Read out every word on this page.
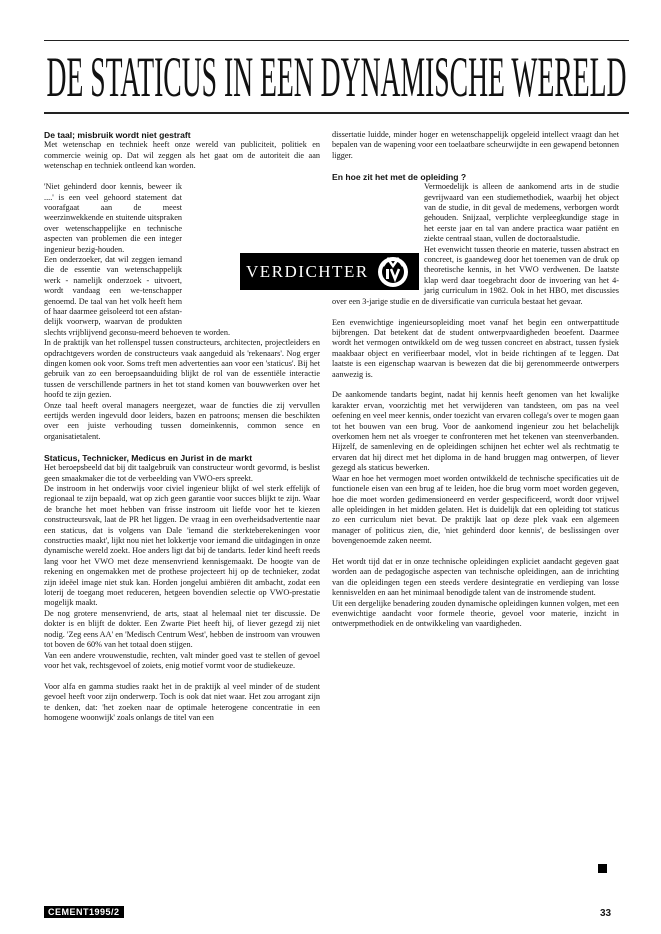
DE STATICUS IN EEN DYNAMISCHE WERELD
De taal; misbruik wordt niet gestraft

Met wetenschap en techniek heeft onze wereld van publiciteit, politiek en commercie weinig op. Dat wil zeggen als het gaat om de autoriteit die aan wetenschap en techniek ontleend kan worden.

'Niet gehinderd door kennis, beweer ik ....' is een veel gehoord statement dat voorafgaat aan de meest weerzinwekkende en stuitende uitspraken over wetenschappelijke en technische aspecten van problemen die een integer ingenieur bezig-houden.

Een onderzoeker, dat wil zeggen iemand die de essentie van wetenschappelijk werk - namelijk onderzoek - uitvoert, wordt vandaag een we-tenschapper genoemd. De taal van het volk heeft hem of haar daarmee geïsoleerd tot een afstan-delijk voorwerp, waarvan de produkten slechts vrijblijvend geconsu-meerd behoeven te worden.

In de praktijk van het rollenspel tussen constructeurs, architecten, projectleiders en opdrachtgevers worden de constructeurs vaak aangeduid als 'rekenaars'. Nog erger dingen komen ook voor. Soms treft men advertenties aan voor een 'staticus'. Bij het gebruik van zo een beroepsaanduiding blijkt de rol van de essentiële interactie tussen de verschillende partners in het tot stand komen van bouwwerken over het hoofd te zijn gezien.

Onze taal heeft overal managers neergezet, waar de functies die zij vervullen eertijds werden ingevuld door leiders, bazen en patroons; mensen die beschikten over een juiste verhouding tussen domeinkennis, common sence en organisatietalent.

Staticus, Technicker, Medicus en Jurist in de markt

Het beroepsbeeld dat bij dit taalgebruik van constructeur wordt gevormd, is beslist geen smaakmaker die tot de verbeelding van VWO-ers spreekt.

De instroom in het onderwijs voor civiel ingenieur blijkt of wel sterk effelijk of regionaal te zijn bepaald, wat op zich geen garantie voor succes blijkt te zijn. Waar de branche het moet hebben van frisse instroom uit liefde voor het te kiezen constructeursvak, laat de PR het liggen. De vraag in een overheidsadvertentie naar een staticus, dat is volgens van Dale 'iemand die sterkteberekeningen voor constructies maakt', lijkt nou niet het lokkertje voor iemand die uitdagingen in onze dynamische wereld zoekt. Hoe anders ligt dat bij de tandarts. Ieder kind heeft reeds lang voor het VWO met deze mensenvriend kennisgemaakt. De hoogte van de rekening en ongemakken met de prothese projecteert hij op de technieker, zodat zijn ideëel image niet stuk kan. Horden jongelui ambiëren dit ambacht, zodat een loterij de toegang moet reduceren, hetgeen bovendien selectie op VWO-prestatie mogelijk maakt.

De nog grotere mensenvriend, de arts, staat al helemaal niet ter discussie. De dokter is en blijft de dokter. Een Zwarte Piet heeft hij, of liever gezegd zij niet nodig. 'Zeg eens AA' en 'Medisch Centrum West', hebben de instroom van vrouwen tot boven de 60% van het totaal doen stijgen.

Van een andere vrouwenstudie, rechten, valt minder goed vast te stellen of gevoel voor het vak, rechtsgevoel of zoiets, enig motief vormt voor de studiekeuze.

Voor alfa en gamma studies raakt het in de praktijk al veel minder of de student gevoel heeft voor zijn onderwerp. Toch is ook dat niet waar. Het zou arrogant zijn te denken, dat: 'het zoeken naar de optimale heterogene concentratie in een homogene woonwijk' zoals onlangs de titel van een

dissertatie luidde, minder hoger en wetenschappelijk opgeleid intellect vraagt dan het bepalen van de wapening voor een toelaatbare scheurwijdte in een gewapend betonnen ligger.

En hoe zit het met de opleiding ?

Vermoedelijk is alleen de aankomend arts in de studie gevrijwaard van een studiemethodiek, waarbij het object van de studie, in dit geval de medemens, verborgen wordt gehouden. Snijzaal, verplichte verpleegkundige stage in het eerste jaar en tal van andere practica waar patiënt en ziekte centraal staan, vullen de doctoraalstudie.

Het evenwicht tussen theorie en materie, tussen abstract en concreet, is gaandeweg door het toenemen van de druk op theoretische kennis, in het VWO verdwenen. De laatste klap werd daar toegebracht door de invoering van het 4-jarig curriculum in 1982. Ook in het HBO, met discussies over een 3-jarige studie en de diversificatie van curricula bestaat het gevaar.

Een evenwichtige ingenieursopleiding moet vanaf het begin een ontwerpattitude bijbrengen. Dat betekent dat de student ontwerpvaardigheden beoefent. Daarmee wordt het vermogen ontwikkeld om de weg tussen concreet en abstract, tussen fysiek maakbaar object en verifieerbaar model, vlot in beide richtingen af te leggen. Dat laatste is een eigenschap waarvan is bewezen dat die bij gerenommeerde ontwerpers aanwezig is.

De aankomende tandarts begint, nadat hij kennis heeft genomen van het kwalijke karakter ervan, voorzichtig met het verwijderen van tandsteen, om pas na veel oefening en veel meer kennis, onder toezicht van ervaren collega's over te mogen gaan tot het bouwen van een brug. Voor de aankomend ingenieur zou het belachelijk overkomen hem net als vroeger te confronteren met het tekenen van steenverbanden. Hijzelf, de samenleving en de opleidingen schijnen het echter wel als rechtmatig te ervaren dat hij direct met het diploma in de hand bruggen mag ontwerpen, of liever gezegd als staticus bewerken.

Waar en hoe het vermogen moet worden ontwikkeld de technische specificaties uit de functionele eisen van een brug af te leiden, hoe die brug vorm moet worden gegeven, hoe die moet worden gedimensioneerd en verder gespecificeerd, wordt door vrijwel alle opleidingen in het midden gelaten. Het is duidelijk dat een opleiding tot staticus zo een curriculum niet bevat. De praktijk laat op deze plek vaak een algemeen manager of politicus zien, die, 'niet gehinderd door kennis', de beslissingen over bovengenoemde zaken neemt.

Het wordt tijd dat er in onze technische opleidingen expliciet aandacht gegeven gaat worden aan de pedagogische aspecten van technische opleidingen, aan de inrichting van die opleidingen tegen een steeds verdere desintegratie en verdieping van losse kennisvelden en aan het minimaal benodigde talent van de instromende student.

Uit een dergelijke benadering zouden dynamische opleidingen kunnen volgen, met een evenwichtige aandacht voor formele theorie, gevoel voor materie, inzicht in ontwerpmethodiek en de ontwikkeling van vaardigheden.

VERDICHTER
CEMENT1995/2	33
